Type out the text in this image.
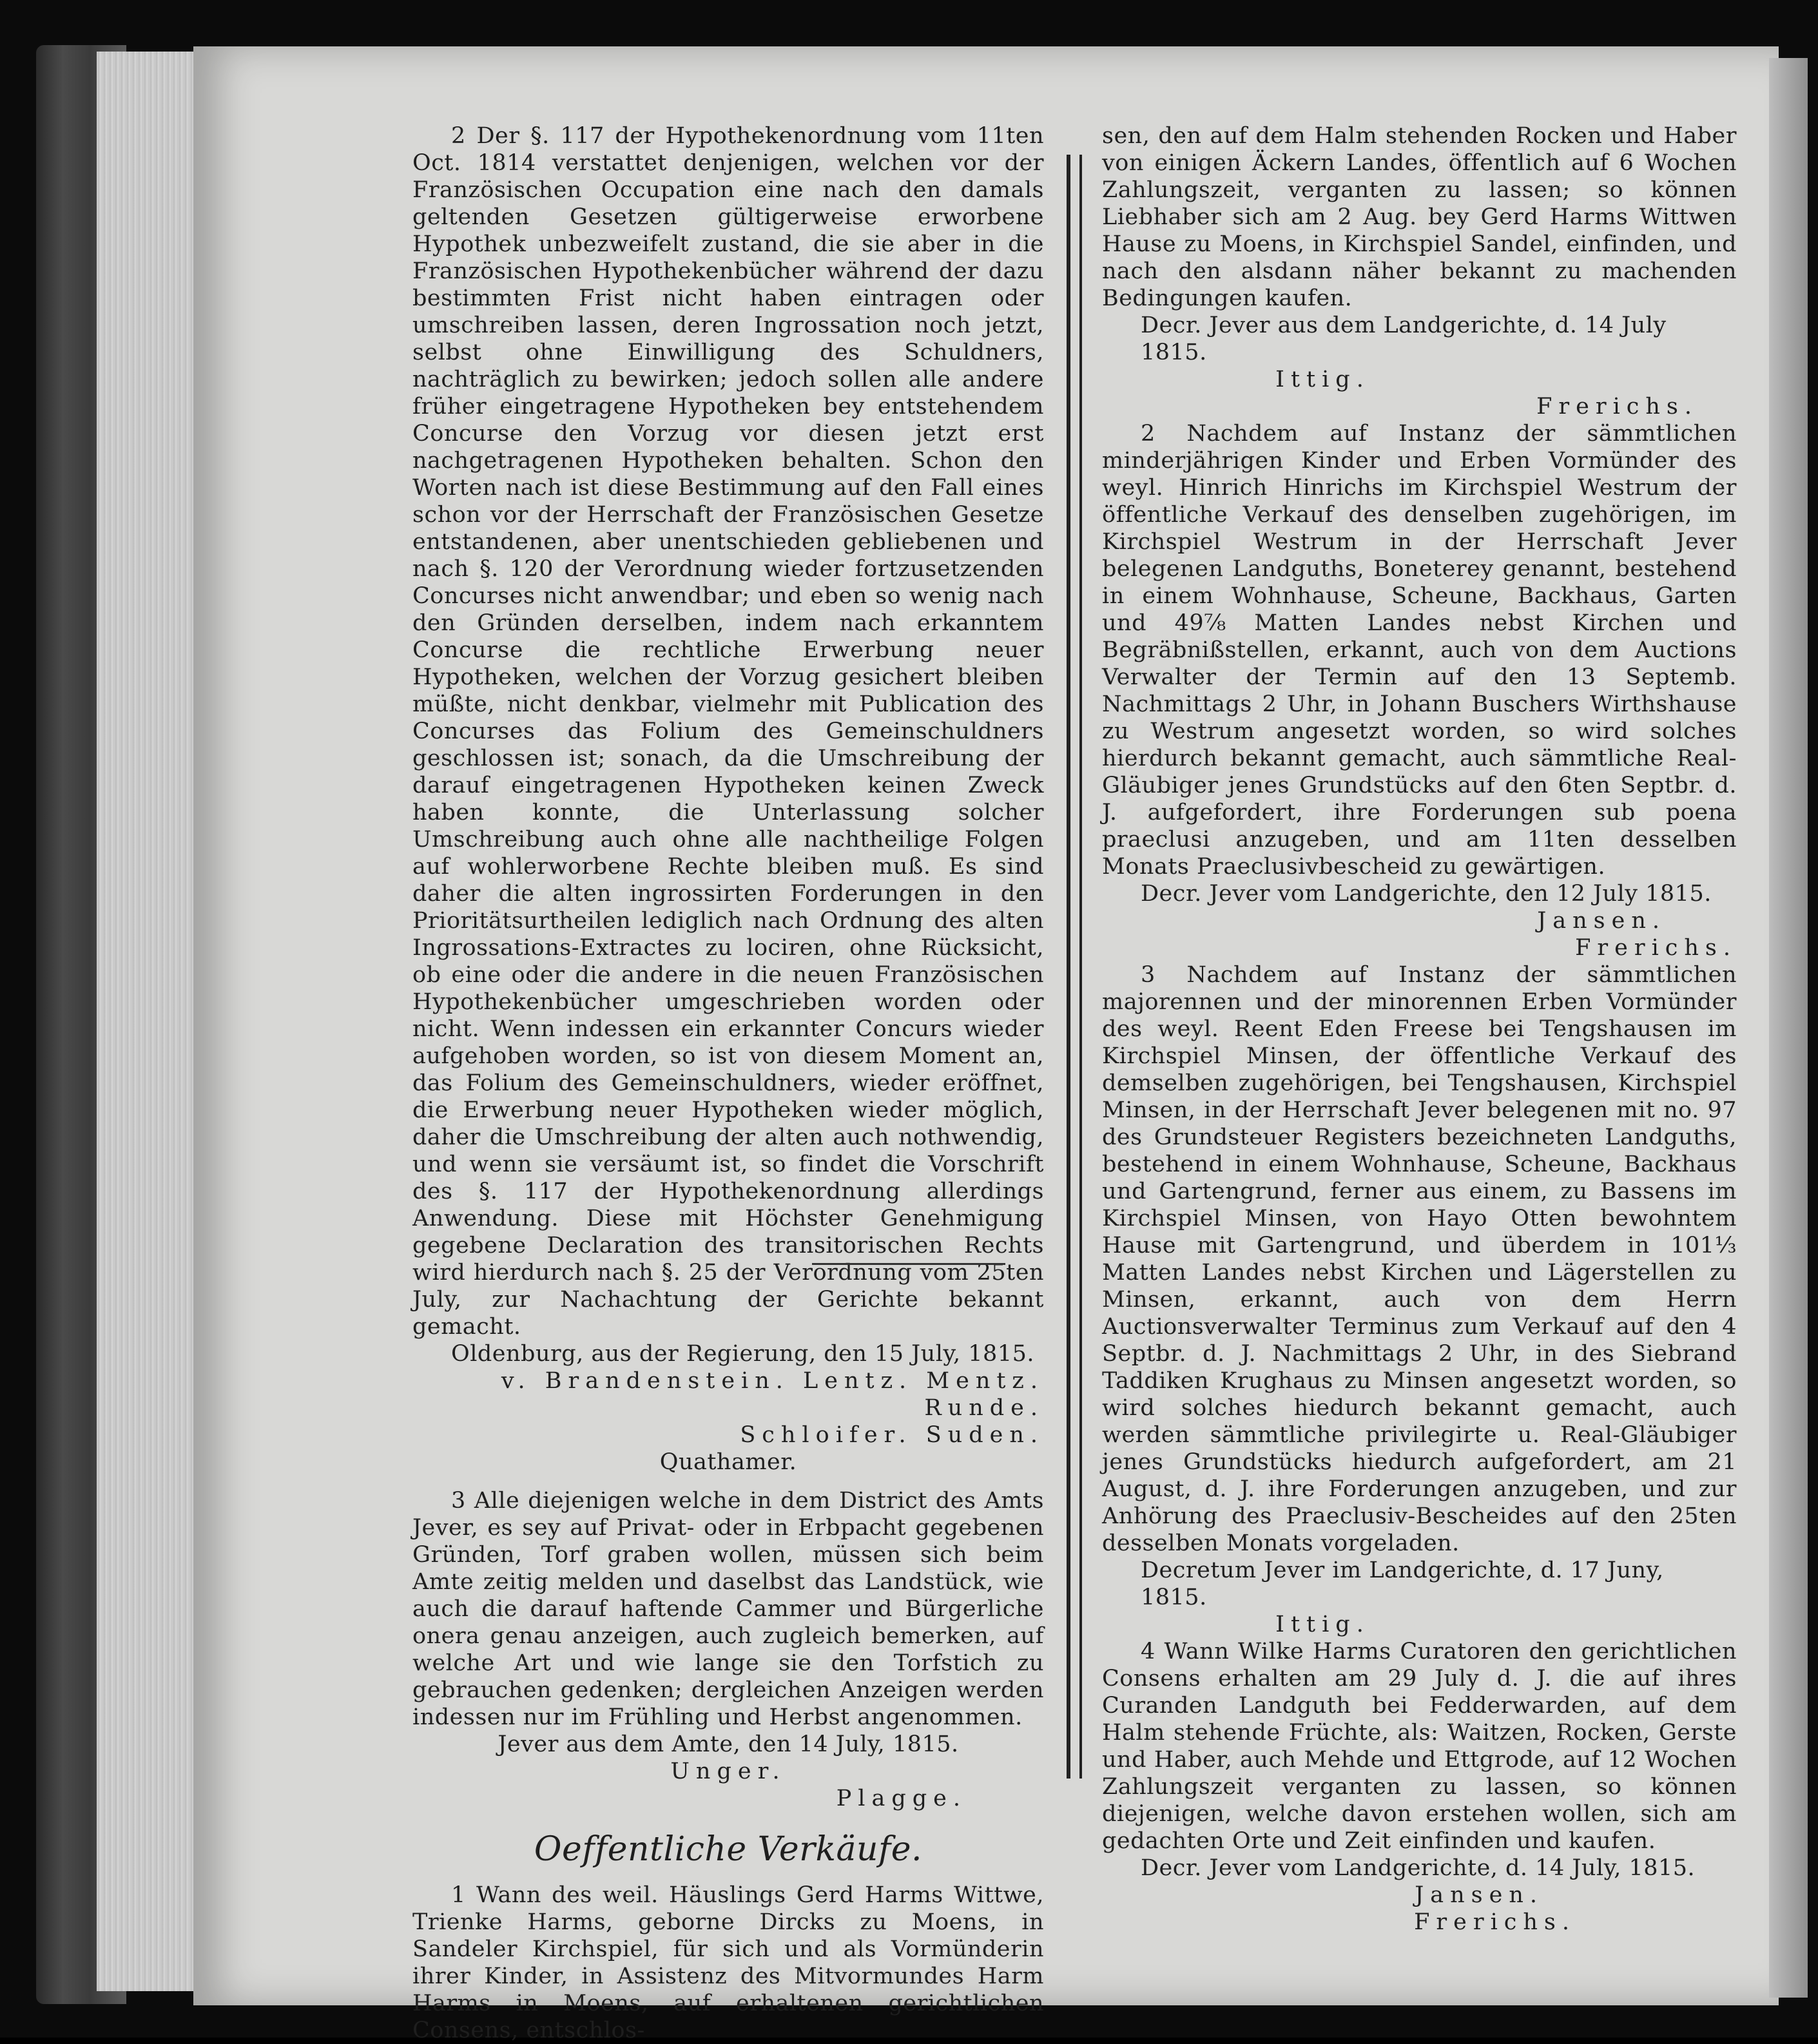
2 Der §. 117 der Hypothekenordnung vom 11ten Oct. 1814 verstattet denjenigen, welchen vor der Französischen Occupation eine nach den damals geltenden Gesetzen gültigerweise erworbene Hypothek unbezweifelt zustand, die sie aber in die Französischen Hypothekenbücher während der dazu bestimmten Frist nicht haben eintragen oder umschreiben lassen, deren Ingrossation noch jetzt, selbst ohne Einwilligung des Schuldners, nachträglich zu bewirken; jedoch sollen alle andere früher eingetragene Hypotheken bey entstehendem Concurse den Vorzug vor diesen jetzt erst nachgetragenen Hypotheken behalten. Schon den Worten nach ist diese Bestimmung auf den Fall eines schon vor der Herrschaft der Französischen Gesetze entstandenen, aber unentschieden gebliebenen und nach §. 120 der Verordnung wieder fortzusetzenden Concurses nicht anwendbar; und eben so wenig nach den Gründen derselben, indem nach erkanntem Concurse die rechtliche Erwerbung neuer Hypotheken, welchen der Vorzug gesichert bleiben müßte, nicht denkbar, vielmehr mit Publication des Concurses das Folium des Gemeinschuldners geschlossen ist; sonach, da die Umschreibung der darauf eingetragenen Hypotheken keinen Zweck haben konnte, die Unterlassung solcher Umschreibung auch ohne alle nachtheilige Folgen auf wohlerworbene Rechte bleiben muß. Es sind daher die alten ingrossirten Forderungen in den Prioritätsurtheilen lediglich nach Ordnung des alten Ingrossations-Extractes zu lociren, ohne Rücksicht, ob eine oder die andere in die neuen Französischen Hypothekenbücher umgeschrieben worden oder nicht. Wenn indessen ein erkannter Concurs wieder aufgehoben worden, so ist von diesem Moment an, das Folium des Gemeinschuldners, wieder eröffnet, die Erwerbung neuer Hypotheken wieder möglich, daher die Umschreibung der alten auch nothwendig, und wenn sie versäumt ist, so findet die Vorschrift des §. 117 der Hypothekenordnung allerdings Anwendung. Diese mit Höchster Genehmigung gegebene Declaration des transitorischen Rechts wird hierdurch nach §. 25 der Verordnung vom 25ten July, zur Nachachtung der Gerichte bekannt gemacht.

Oldenburg, aus der Regierung, den 15 July, 1815.

v. Brandenstein. Lentz. Mentz. Runde.

Schloifer. Suden.

Quathamer.

3 Alle diejenigen welche in dem District des Amts Jever, es sey auf Privat- oder in Erbpacht gegebenen Gründen, Torf graben wollen, müssen sich beim Amte zeitig melden und daselbst das Landstück, wie auch die darauf haftende Cammer und Bürgerliche onera genau anzeigen, auch zugleich bemerken, auf welche Art und wie lange sie den Torfstich zu gebrauchen gedenken; dergleichen Anzeigen werden indessen nur im Frühling und Herbst angenommen.

Jever aus dem Amte, den 14 July, 1815.

Unger.

Plagge.

Oeffentliche Verkäufe.

1 Wann des weil. Häuslings Gerd Harms Wittwe, Trienke Harms, geborne Dircks zu Moens, in Sandeler Kirchspiel, für sich und als Vormünderin ihrer Kinder, in Assistenz des Mitvormundes Harm Harms in Moens, auf erhaltenen gerichtlichen Consens, entschlos-

sen, den auf dem Halm stehenden Rocken und Haber von einigen Äckern Landes, öffentlich auf 6 Wochen Zahlungszeit, verganten zu lassen; so können Liebhaber sich am 2 Aug. bey Gerd Harms Wittwen Hause zu Moens, in Kirchspiel Sandel, einfinden, und nach den alsdann näher bekannt zu machenden Bedingungen kaufen.

Decr. Jever aus dem Landgerichte, d. 14 July 1815.

Ittig.

Frerichs.

2 Nachdem auf Instanz der sämmtlichen minderjährigen Kinder und Erben Vormünder des weyl. Hinrich Hinrichs im Kirchspiel Westrum der öffentliche Verkauf des denselben zugehörigen, im Kirchspiel Westrum in der Herrschaft Jever belegenen Landguths, Boneterey genannt, bestehend in einem Wohnhause, Scheune, Backhaus, Garten und 49⅞ Matten Landes nebst Kirchen und Begräbnißstellen, erkannt, auch von dem Auctions Verwalter der Termin auf den 13 Septemb. Nachmittags 2 Uhr, in Johann Buschers Wirthshause zu Westrum angesetzt worden, so wird solches hierdurch bekannt gemacht, auch sämmtliche Real-Gläubiger jenes Grundstücks auf den 6ten Septbr. d. J. aufgefordert, ihre Forderungen sub poena praeclusi anzugeben, und am 11ten desselben Monats Praeclusivbescheid zu gewärtigen.

Decr. Jever vom Landgerichte, den 12 July 1815.

Jansen.

Frerichs.

3 Nachdem auf Instanz der sämmtlichen majorennen und der minorennen Erben Vormünder des weyl. Reent Eden Freese bei Tengshausen im Kirchspiel Minsen, der öffentliche Verkauf des demselben zugehörigen, bei Tengshausen, Kirchspiel Minsen, in der Herrschaft Jever belegenen mit no. 97 des Grundsteuer Registers bezeichneten Landguths, bestehend in einem Wohnhause, Scheune, Backhaus und Gartengrund, ferner aus einem, zu Bassens im Kirchspiel Minsen, von Hayo Otten bewohntem Hause mit Gartengrund, und überdem in 101⅓ Matten Landes nebst Kirchen und Lägerstellen zu Minsen, erkannt, auch von dem Herrn Auctionsverwalter Terminus zum Verkauf auf den 4 Septbr. d. J. Nachmittags 2 Uhr, in des Siebrand Taddiken Krughaus zu Minsen angesetzt worden, so wird solches hiedurch bekannt gemacht, auch werden sämmtliche privilegirte u. Real-Gläubiger jenes Grundstücks hiedurch aufgefordert, am 21 August, d. J. ihre Forderungen anzugeben, und zur Anhörung des Praeclusiv-Bescheides auf den 25ten desselben Monats vorgeladen.

Decretum Jever im Landgerichte, d. 17 Juny, 1815.

Ittig.

4 Wann Wilke Harms Curatoren den gerichtlichen Consens erhalten am 29 July d. J. die auf ihres Curanden Landguth bei Fedderwarden, auf dem Halm stehende Früchte, als: Waitzen, Rocken, Gerste und Haber, auch Mehde und Ettgrode, auf 12 Wochen Zahlungszeit verganten zu lassen, so können diejenigen, welche davon erstehen wollen, sich am gedachten Orte und Zeit einfinden und kaufen.

Decr. Jever vom Landgerichte, d. 14 July, 1815.

Jansen.

Frerichs.
